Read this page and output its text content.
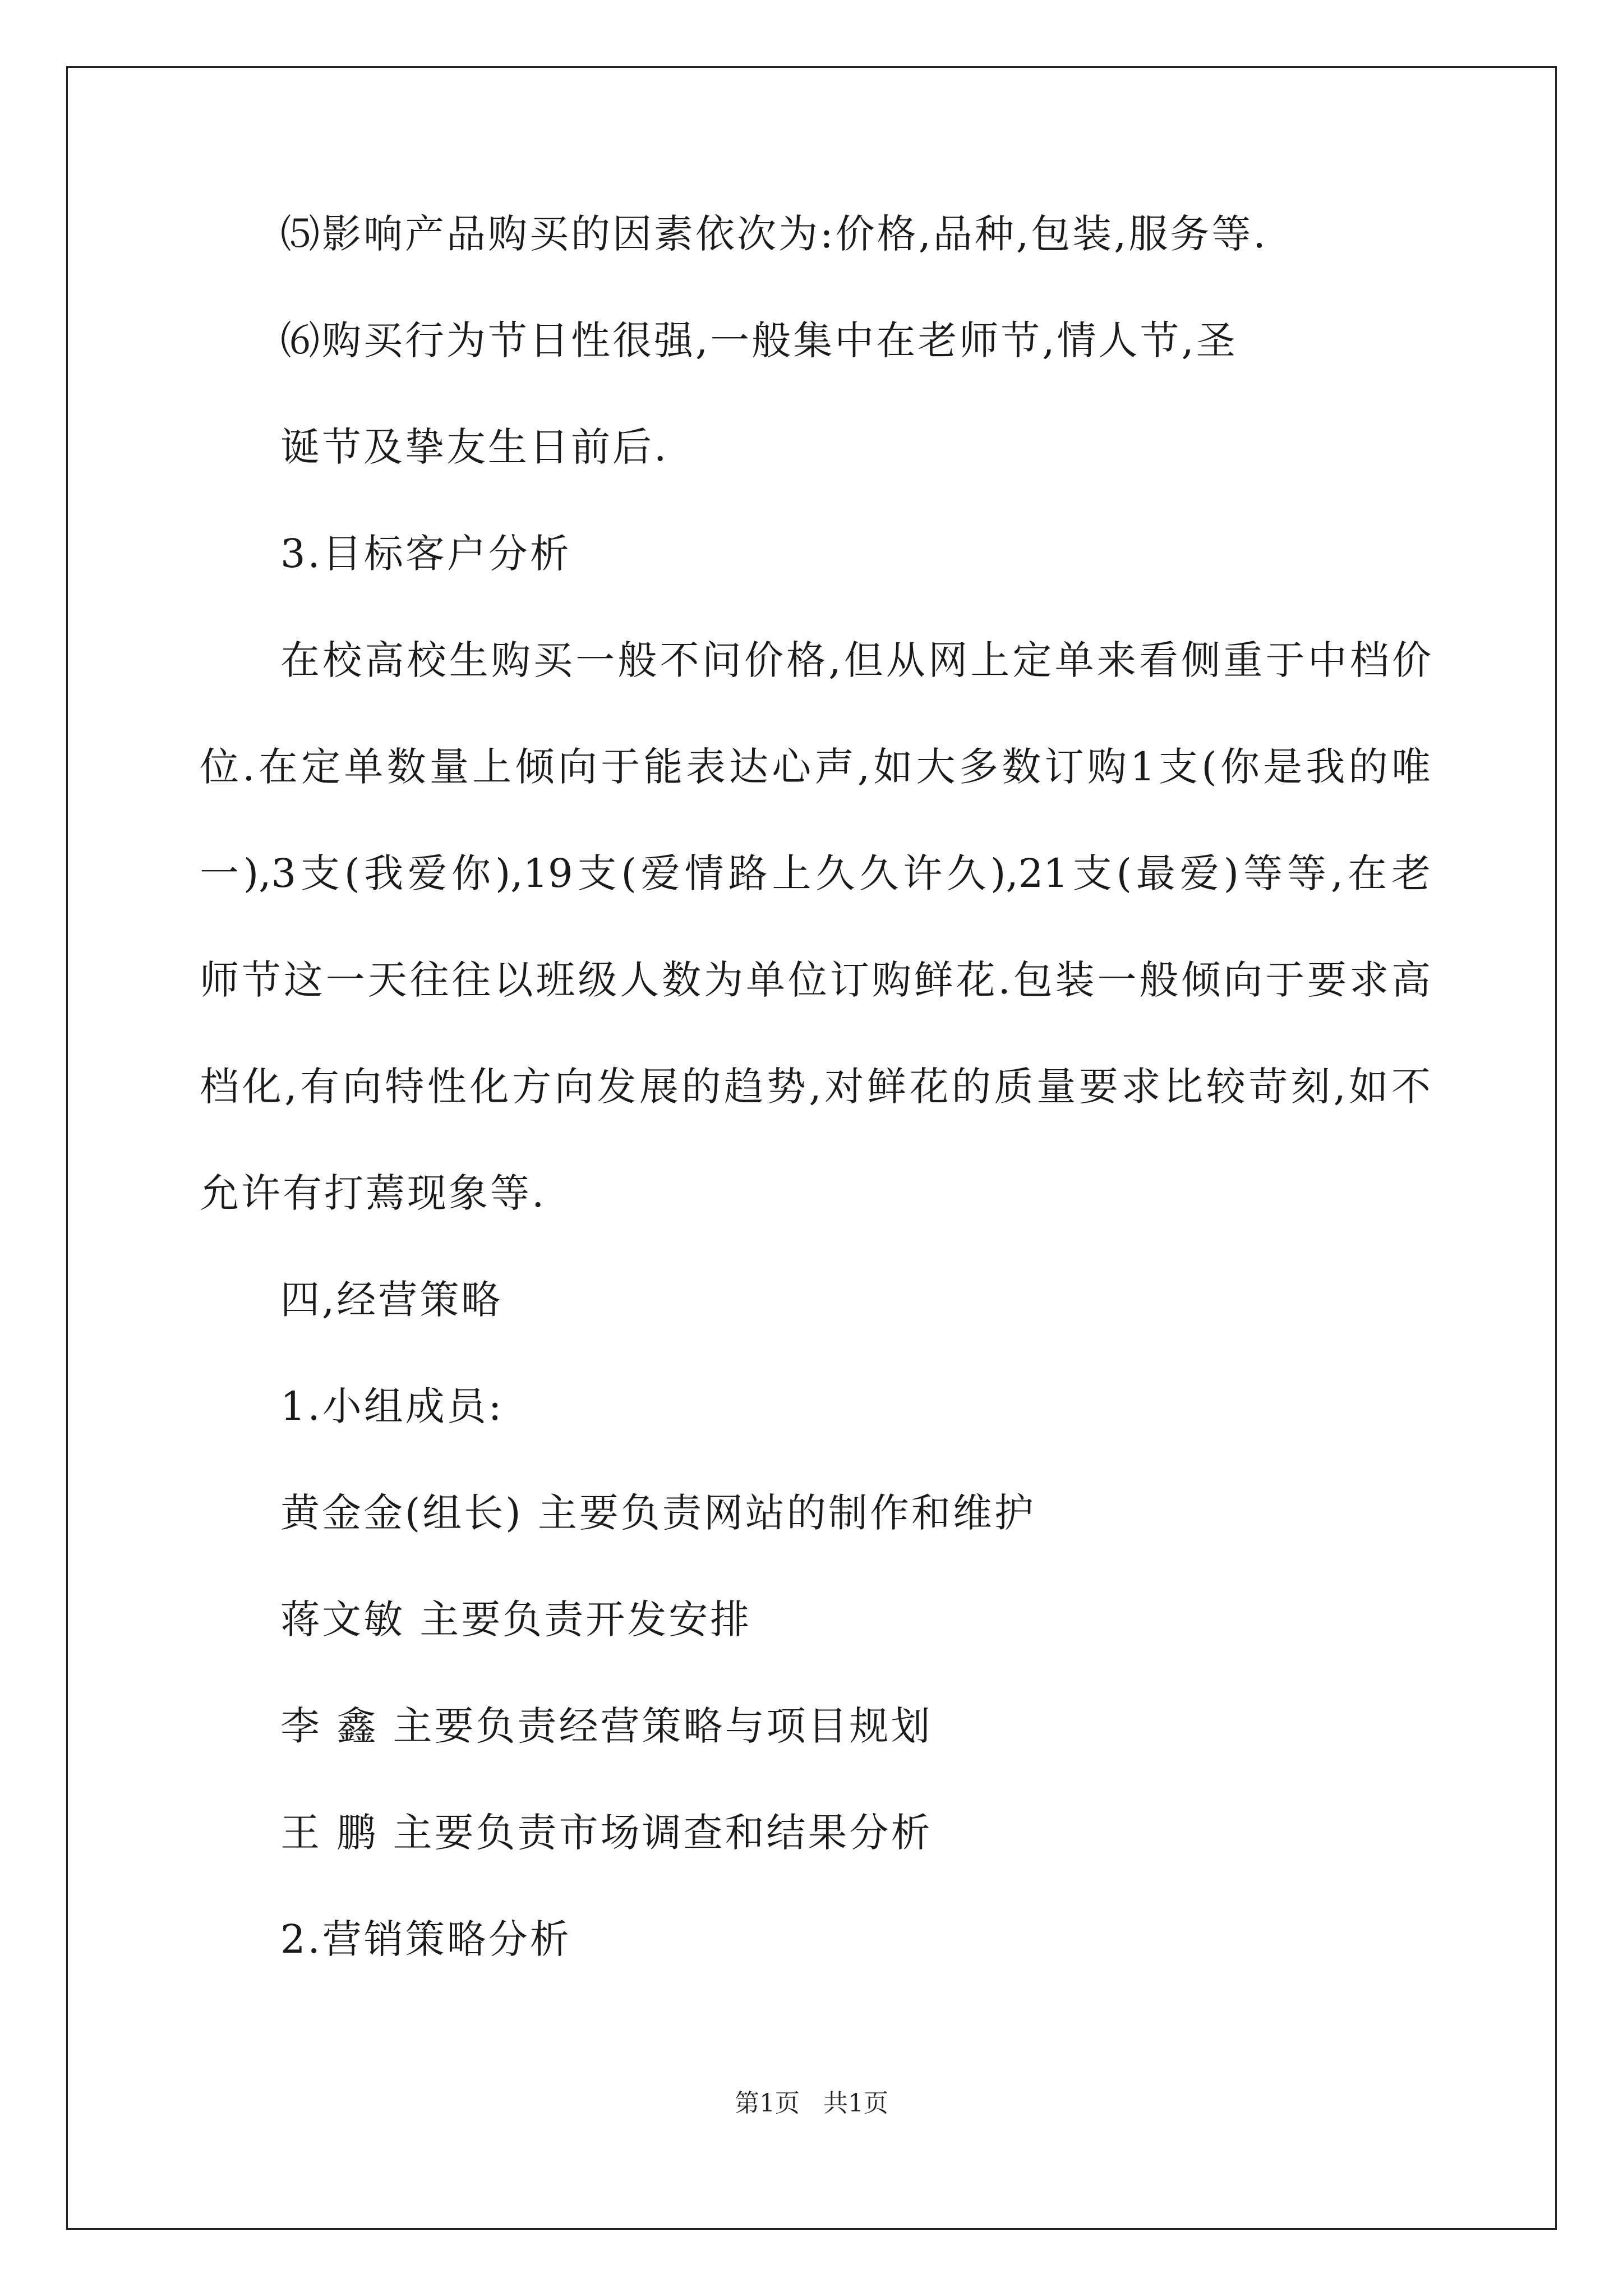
⑸影响产品购买的因素依次为:价格,品种,包装,服务等.
⑹购买行为节日性很强,一般集中在老师节,情人节,圣
诞节及挚友生日前后.
3.目标客户分析
在校高校生购买一般不问价格,但从网上定单来看侧重于中档价
位.在定单数量上倾向于能表达心声,如大多数订购1支(你是我的唯
一),3支(我爱你),19支(爱情路上久久许久),21支(最爱)等等,在老
师节这一天往往以班级人数为单位订购鲜花.包装一般倾向于要求高
档化,有向特性化方向发展的趋势,对鲜花的质量要求比较苛刻,如不
允许有打蔫现象等.
四,经营策略
1.小组成员:
黄金金(组长) 主要负责网站的制作和维护
蒋文敏 主要负责开发安排
李 鑫 主要负责经营策略与项目规划
王 鹏 主要负责市场调查和结果分析
2.营销策略分析
第1页   共1页
